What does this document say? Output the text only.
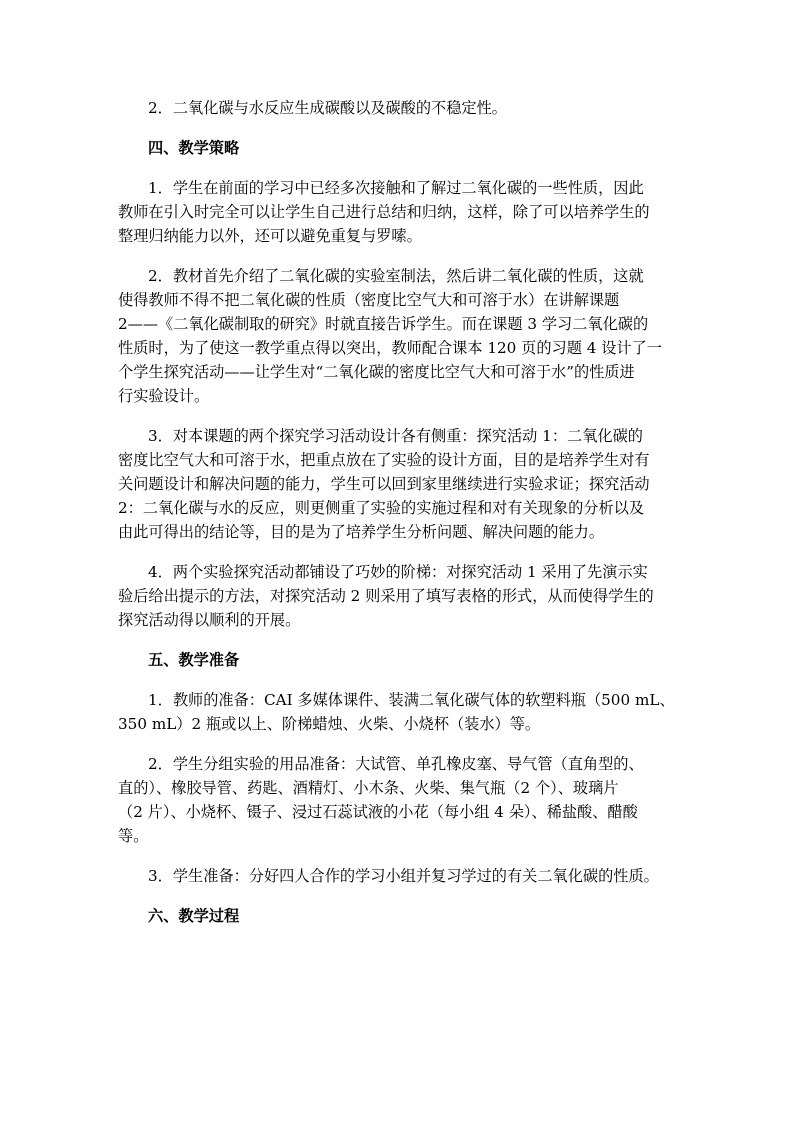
2．二氧化碳与水反应生成碳酸以及碳酸的不稳定性。

四、教学策略

1．学生在前面的学习中已经多次接触和了解过二氧化碳的一些性质，因此
教师在引入时完全可以让学生自己进行总结和归纳，这样，除了可以培养学生的
整理归纳能力以外，还可以避免重复与罗嗦。

2．教材首先介绍了二氧化碳的实验室制法，然后讲二氧化碳的性质，这就
使得教师不得不把二氧化碳的性质（密度比空气大和可溶于水）在讲解课题
2——《二氧化碳制取的研究》时就直接告诉学生。而在课题 3 学习二氧化碳的
性质时，为了使这一教学重点得以突出，教师配合课本 120 页的习题 4 设计了一
个学生探究活动——让学生对“二氧化碳的密度比空气大和可溶于水”的性质进
行实验设计。

3．对本课题的两个探究学习活动设计各有侧重：探究活动 1：二氧化碳的
密度比空气大和可溶于水，把重点放在了实验的设计方面，目的是培养学生对有
关问题设计和解决问题的能力，学生可以回到家里继续进行实验求证；探究活动
2：二氧化碳与水的反应，则更侧重了实验的实施过程和对有关现象的分析以及
由此可得出的结论等，目的是为了培养学生分析问题、解决问题的能力。

4．两个实验探究活动都铺设了巧妙的阶梯：对探究活动 1 采用了先演示实
验后给出提示的方法，对探究活动 2 则采用了填写表格的形式，从而使得学生的
探究活动得以顺利的开展。

五、教学准备

1．教师的准备：CAI 多媒体课件、装满二氧化碳气体的软塑料瓶（500 mL、
350 mL）2 瓶或以上、阶梯蜡烛、火柴、小烧杯（装水）等。

2．学生分组实验的用品准备：大试管、单孔橡皮塞、导气管（直角型的、
直的）、橡胶导管、药匙、酒精灯、小木条、火柴、集气瓶（2 个）、玻璃片
（2 片）、小烧杯、镊子、浸过石蕊试液的小花（每小组 4 朵）、稀盐酸、醋酸
等。

3．学生准备：分好四人合作的学习小组并复习学过的有关二氧化碳的性质。

六、教学过程
